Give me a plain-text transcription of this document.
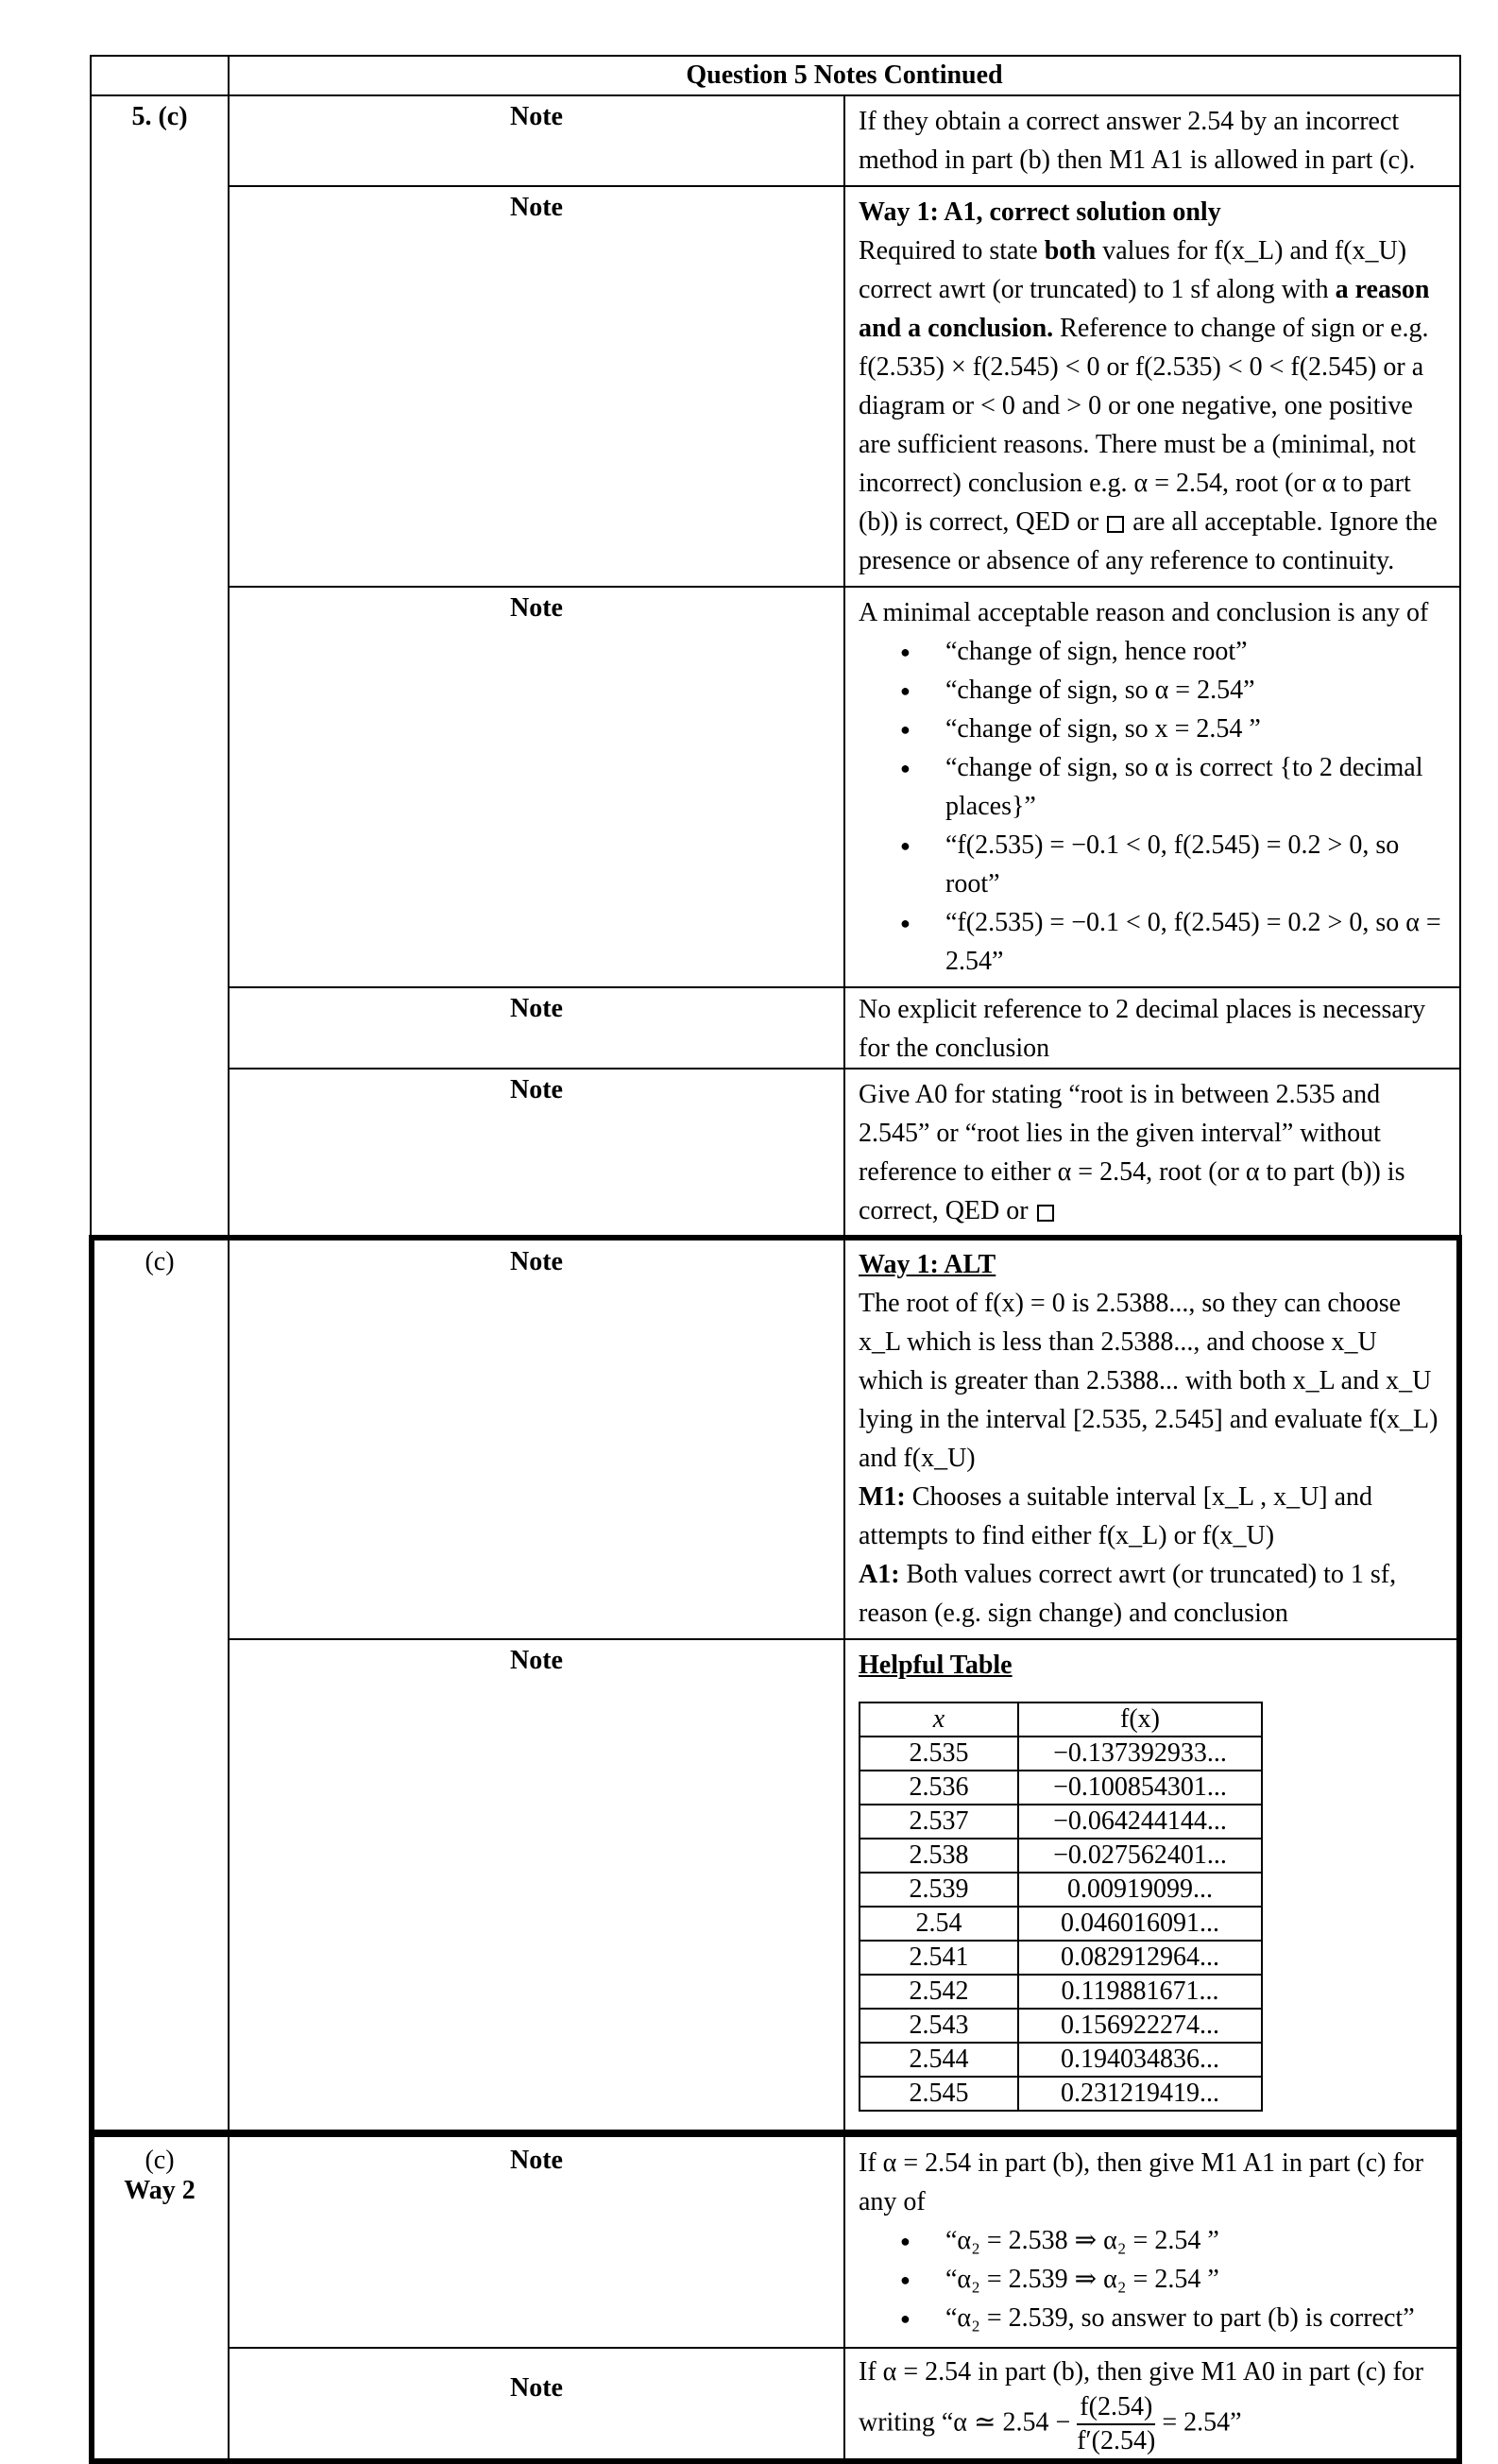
Question 5 Notes Continued

5. (c)	Note	If they obtain a correct answer 2.54 by an incorrect method in part (b) then M1 A1 is allowed in part (c).
Note	Way 1: A1, correct solution only
Required to state both values for f(x_L) and f(x_U) correct awrt (or truncated) to 1 sf along with a reason and a conclusion. Reference to change of sign or e.g. f(2.535) × f(2.545) < 0 or f(2.535) < 0 < f(2.545) or a diagram or < 0 and > 0 or one negative, one positive are sufficient reasons. There must be a (minimal, not incorrect) conclusion e.g. α = 2.54, root (or α to part (b)) is correct, QED or are all acceptable. Ignore the presence or absence of any reference to continuity.
Note	A minimal acceptable reason and conclusion is any of
● “change of sign, hence root”
● “change of sign, so α = 2.54”
● “change of sign, so x = 2.54 ”
● “change of sign, so α is correct {to 2 decimal places}”
● “f(2.535) = −0.1 < 0, f(2.545) = 0.2 > 0, so root”
● “f(2.535) = −0.1 < 0, f(2.545) = 0.2 > 0, so α = 2.54”

Note	No explicit reference to 2 decimal places is necessary for the conclusion
Note	Give A0 for stating “root is in between 2.535 and 2.545” or “root lies in the given interval” without reference to either α = 2.54, root (or α to part (b)) is correct, QED or
(c)	Note	Way 1: ALT
The root of f(x) = 0 is 2.5388..., so they can choose x_L which is less than 2.5388..., and choose x_U which is greater than 2.5388... with both x_L and x_U lying in the interval [2.535, 2.545] and evaluate f(x_L) and f(x_U)
M1: Chooses a suitable interval [x_L , x_U] and attempts to find either f(x_L) or f(x_U)
A1: Both values correct awrt (or truncated) to 1 sf, reason (e.g. sign change) and conclusion
Note	Helpful Table
x	f(x)
2.535	−0.137392933...
2.536	−0.100854301...
2.537	−0.064244144...
2.538	−0.027562401...
2.539	0.00919099...
2.54	0.046016091...
2.541	0.082912964...
2.542	0.119881671...
2.543	0.156922274...
2.544	0.194034836...
2.545	0.231219419...

(c)
Way 2	Note	If α = 2.54 in part (b), then give M1 A1 in part (c) for any of
● “α₂ = 2.538 ⇒ α₂ = 2.54 ”
● “α₂ = 2.539 ⇒ α₂ = 2.54 ”
● “α₂ = 2.539, so answer to part (b) is correct”

Note	If α = 2.54 in part (b), then give M1 A0 in part (c) for writing “α ≃ $2.54 - \frac{f(2.54)}{f'(2.54)} = 2.54$”
